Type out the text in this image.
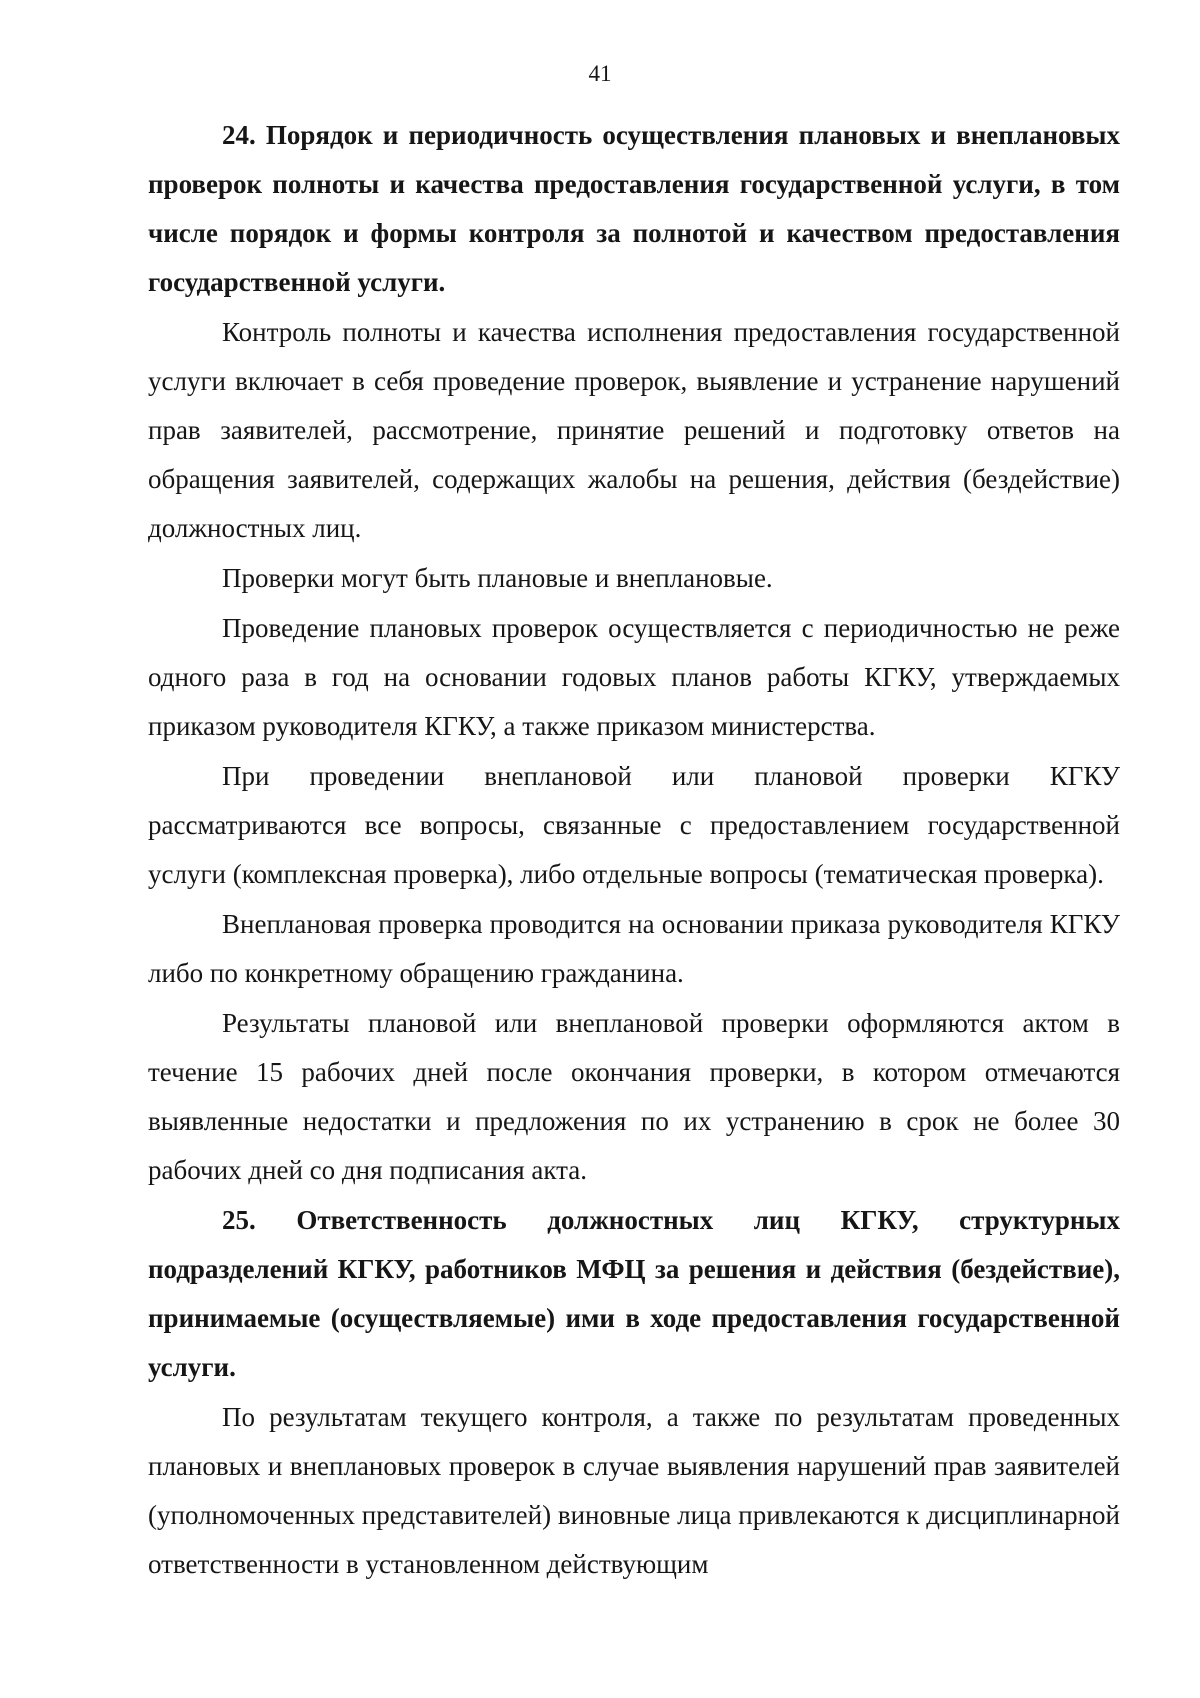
41

24. Порядок и периодичность осуществления плановых и внеплановых проверок полноты и качества предоставления государственной услуги, в том числе порядок и формы контроля за полнотой и качеством предоставления государственной услуги.

Контроль полноты и качества исполнения предоставления государственной услуги включает в себя проведение проверок, выявление и устранение нарушений прав заявителей, рассмотрение, принятие решений и подготовку ответов на обращения заявителей, содержащих жалобы на решения, действия (бездействие) должностных лиц.

Проверки могут быть плановые и внеплановые.

Проведение плановых проверок осуществляется с периодичностью не реже одного раза в год на основании годовых планов работы КГКУ, утверждаемых приказом руководителя КГКУ, а также приказом министерства.

При проведении внеплановой или плановой проверки КГКУ рассматриваются все вопросы, связанные с предоставлением государственной услуги (комплексная проверка), либо отдельные вопросы (тематическая проверка).

Внеплановая проверка проводится на основании приказа руководителя КГКУ либо по конкретному обращению гражданина.

Результаты плановой или внеплановой проверки оформляются актом в течение 15 рабочих дней после окончания проверки, в котором отмечаются выявленные недостатки и предложения по их устранению в срок не более 30 рабочих дней со дня подписания акта.

25. Ответственность должностных лиц КГКУ, структурных подразделений КГКУ, работников МФЦ за решения и действия (бездействие), принимаемые (осуществляемые) ими в ходе предоставления государственной услуги.

По результатам текущего контроля, а также по результатам проведенных плановых и внеплановых проверок в случае выявления нарушений прав заявителей (уполномоченных представителей) виновные лица привлекаются к дисциплинарной ответственности в установленном действующим
